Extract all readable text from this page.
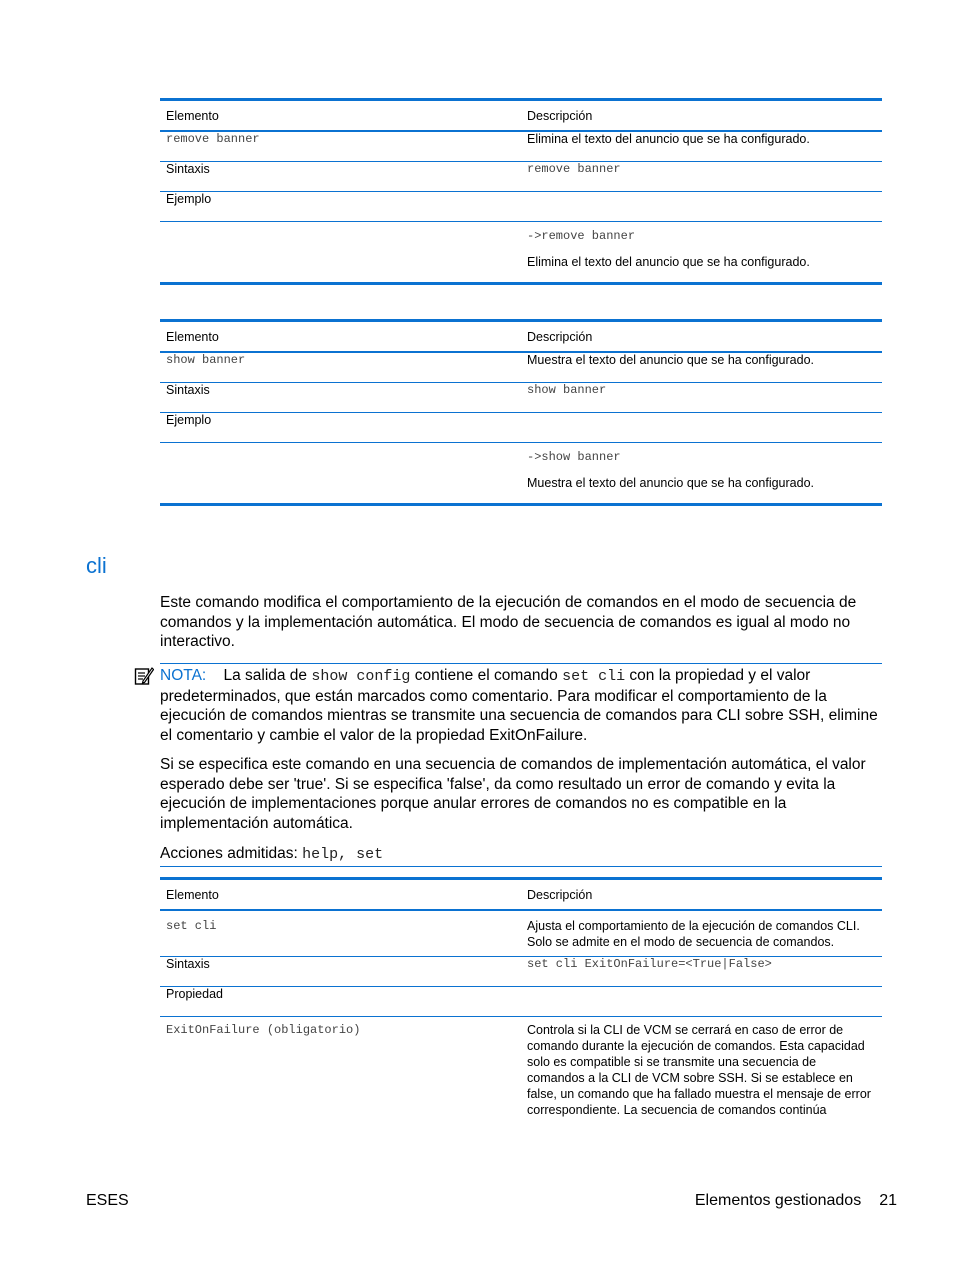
Elemento	Descripción
remove banner	Elimina el texto del anuncio que se ha configurado.
Sintaxis	remove banner
Ejemplo	

	->remove banner
Elimina el texto del anuncio que se ha configurado.
Elemento	Descripción
show banner	Muestra el texto del anuncio que se ha configurado.
Sintaxis	show banner
Ejemplo	

	->show banner
Muestra el texto del anuncio que se ha configurado.
cli

Este comando modifica el comportamiento de la ejecución de comandos en el modo de secuencia de comandos y la implementación automática. El modo de secuencia de comandos es igual al modo no interactivo.

NOTA: La salida de show config contiene el comando set cli con la propiedad y el valor predeterminados, que están marcados como comentario. Para modificar el comportamiento de la ejecución de comandos mientras se transmite una secuencia de comandos para CLI sobre SSH, elimine el comentario y cambie el valor de la propiedad ExitOnFailure.

Si se especifica este comando en una secuencia de comandos de implementación automática, el valor esperado debe ser 'true'. Si se especifica 'false', da como resultado un error de comando y evita la ejecución de implementaciones porque anular errores de comandos no es compatible en la implementación automática.

Acciones admitidas: help, set

Elemento	Descripción
set cli	Ajusta el comportamiento de la ejecución de comandos CLI. Solo se admite en el modo de secuencia de comandos.
Sintaxis	set cli ExitOnFailure=<True|False>
Propiedad	
ExitOnFailure (obligatorio)	Controla si la CLI de VCM se cerrará en caso de error de comando durante la ejecución de comandos. Esta capacidad solo es compatible si se transmite una secuencia de comandos a la CLI de VCM sobre SSH. Si se establece en false, un comando que ha fallado muestra el mensaje de error correspondiente. La secuencia de comandos continúa
ESES	Elementos gestionados 21
